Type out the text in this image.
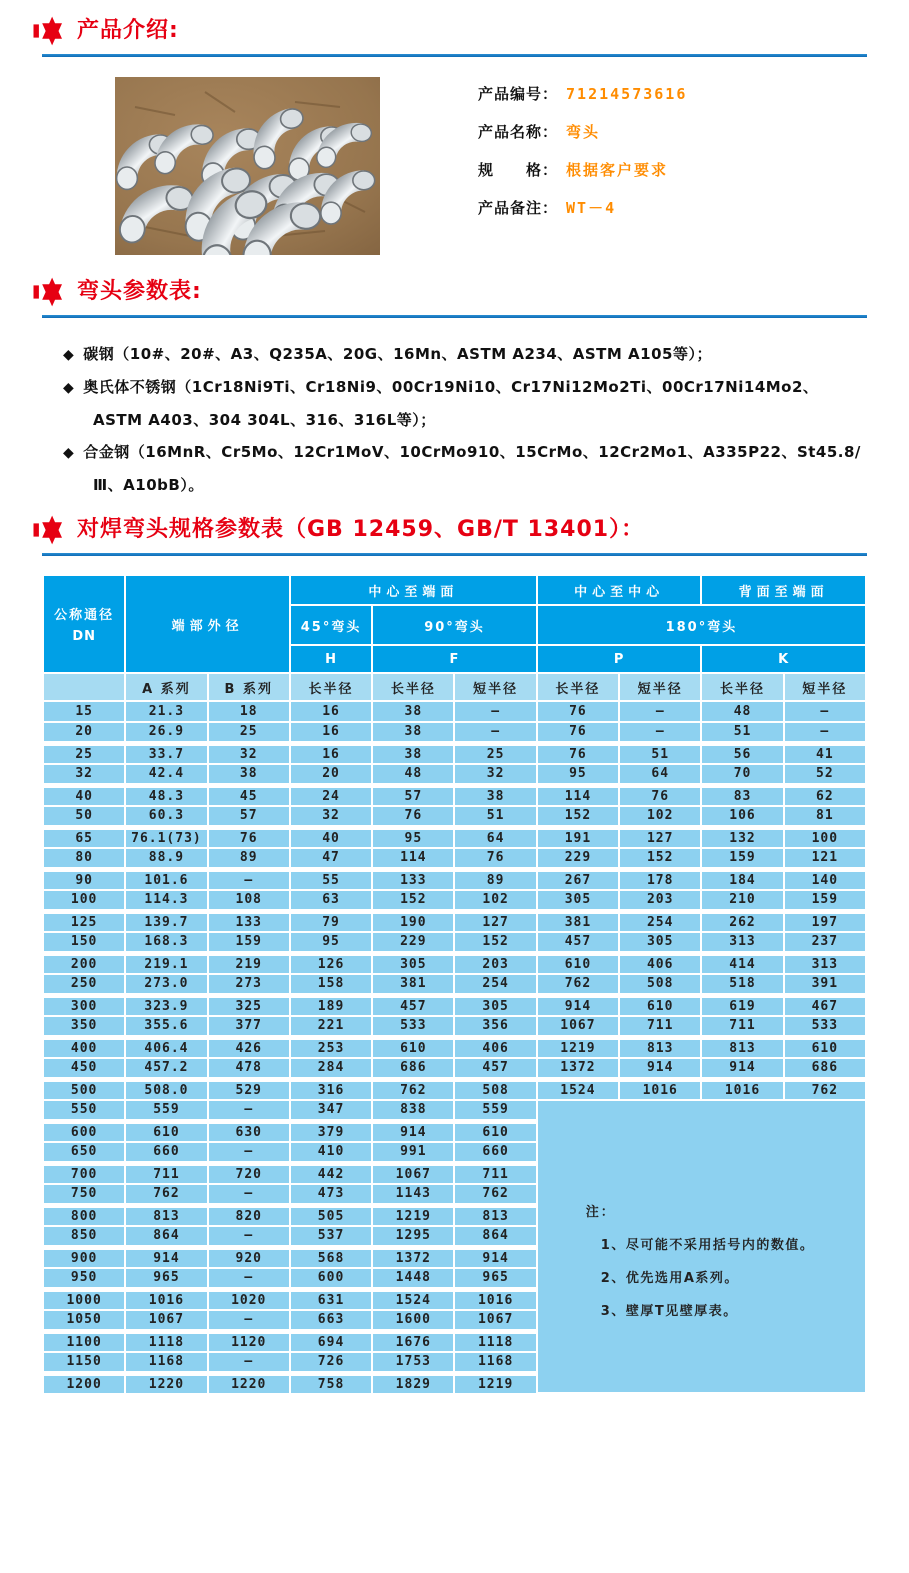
产品介绍:
产品编号： 71214573616
产品名称： 弯头
规　　格： 根据客户要求
产品备注： WT－4
弯头参数表:
◆ 碳钢（10#、20#、A3、Q235A、20G、16Mn、ASTM A234、ASTM A105等）；
◆ 奥氏体不锈钢（1Cr18Ni9Ti、Cr18Ni9、00Cr19Ni10、Cr17Ni12Mo2Ti、00Cr17Ni14Mo2、ASTM A403、304 304L、316、316L等）；
◆ 合金钢（16MnR、Cr5Mo、12Cr1MoV、10CrMo910、15CrMo、12Cr2Mo1、A335P22、St45.8/Ⅲ、A10bB）。
对焊弯头规格参数表（GB 12459、GB/T 13401）：
公称通径
DN	端部外径		中心至端面			中心至中心		背面至端面	
			45°弯头	90°弯头		180°弯头			
			H	F		P		K	
	A 系列	B 系列	长半径	长半径	短半径	长半径	短半径	长半径	短半径
15	21.3	18	16	38	—	76	—	48	—
20	26.9	25	16	38	—	76	—	51	—
25	33.7	32	16	38	25	76	51	56	41
32	42.4	38	20	48	32	95	64	70	52
40	48.3	45	24	57	38	114	76	83	62
50	60.3	57	32	76	51	152	102	106	81
65	76.1(73)	76	40	95	64	191	127	132	100
80	88.9	89	47	114	76	229	152	159	121
90	101.6	—	55	133	89	267	178	184	140
100	114.3	108	63	152	102	305	203	210	159
125	139.7	133	79	190	127	381	254	262	197
150	168.3	159	95	229	152	457	305	313	237
200	219.1	219	126	305	203	610	406	414	313
250	273.0	273	158	381	254	762	508	518	391
300	323.9	325	189	457	305	914	610	619	467
350	355.6	377	221	533	356	1067	711	711	533
400	406.4	426	253	610	406	1219	813	813	610
450	457.2	478	284	686	457	1372	914	914	686
500	508.0	529	316	762	508	1524	1016	1016	762
550	559	—	347	838	559	注：
1、尽可能不采用括号内的数值。
2、优先选用A系列。
3、壁厚T见壁厚表。			

600	610	630	379	914	610				
650	660	—	410	991	660				
700	711	720	442	1067	711				
750	762	—	473	1143	762				
800	813	820	505	1219	813				
850	864	—	537	1295	864				
900	914	920	568	1372	914				
950	965	—	600	1448	965				
1000	1016	1020	631	1524	1016				
1050	1067	—	663	1600	1067				
1100	1118	1120	694	1676	1118				
1150	1168	—	726	1753	1168				
1200	1220	1220	758	1829	1219				
